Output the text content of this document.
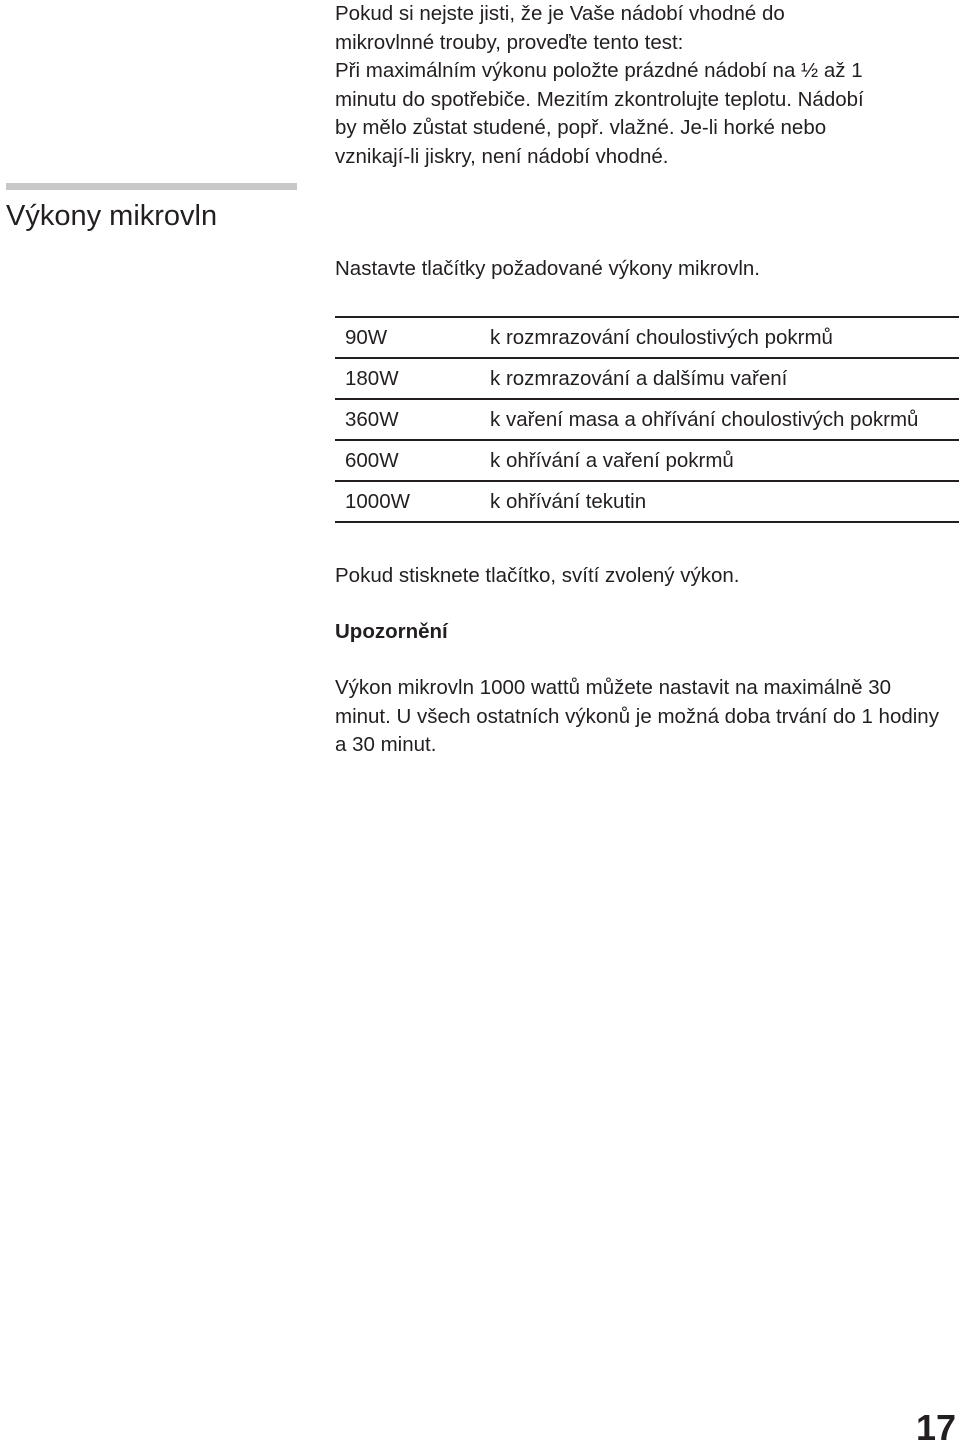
Pokud si nejste jisti, že je Vaše nádobí vhodné do
mikrovlnné trouby, proveďte tento test:
Při maximálním výkonu položte prázdné nádobí na ½ až 1
minutu do spotřebiče. Mezitím zkontrolujte teplotu. Nádobí
by mělo zůstat studené, popř. vlažné. Je-li horké nebo
vznikají-li jiskry, není nádobí vhodné.
Výkony mikrovln

Nastavte tlačítky požadované výkony mikrovln.

90W	k rozmrazování choulostivých pokrmů
180W	k rozmrazování a dalšímu vaření
360W	k vaření masa a ohřívání choulostivých pokrmů
600W	k ohřívání a vaření pokrmů
1000W	k ohřívání tekutin

Pokud stisknete tlačítko, svítí zvolený výkon.

Upozornění

Výkon mikrovln 1000 wattů můžete nastavit na maximálně 30 minut. U všech ostatních výkonů je možná doba trvání do 1 hodiny a 30 minut.

17
